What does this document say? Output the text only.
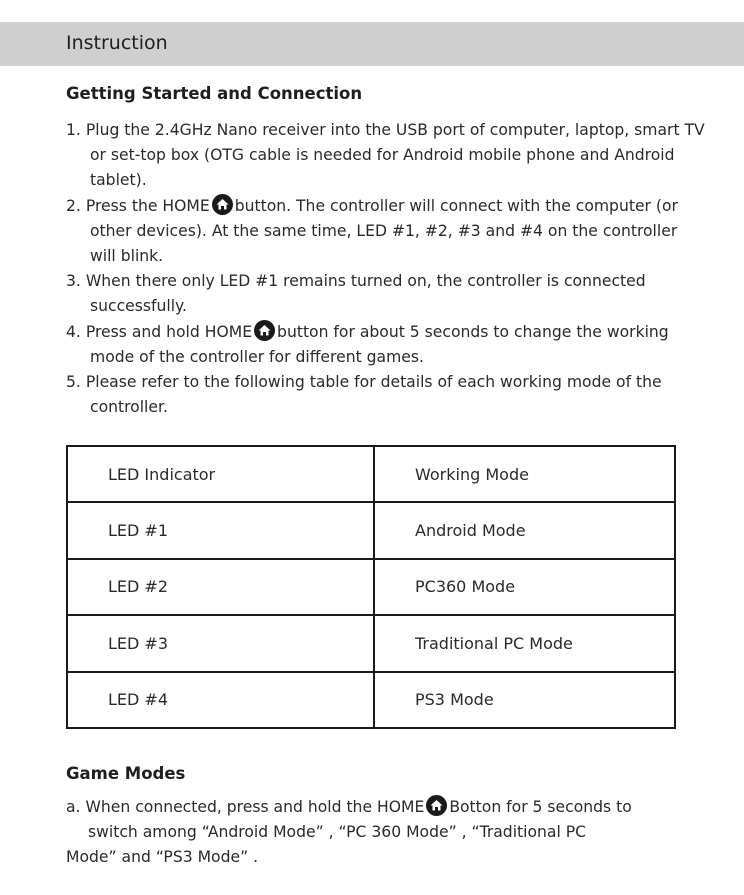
Instruction
Getting Started and Connection
1. Plug the 2.4GHz Nano receiver into the USB port of computer, laptop, smart TV or set-top box (OTG cable is needed for Android mobile phone and Android tablet).
2. Press the HOME button. The controller will connect with the computer (or other devices). At the same time, LED #1, #2, #3 and #4 on the controller will blink.
3. When there only LED #1 remains turned on, the controller is connected successfully.
4. Press and hold HOME button for about 5 seconds to change the working mode of the controller for different games.
5. Please refer to the following table for details of each working mode of the controller.
LED Indicator	Working Mode
LED #1	Android Mode
LED #2	PC360 Mode
LED #3	Traditional PC Mode
LED #4	PS3 Mode
Game Modes
a. When connected, press and hold the HOME Botton for 5 seconds to
switch among “Android Mode” , “PC 360 Mode” , “Traditional PC
Mode” and “PS3 Mode” .
